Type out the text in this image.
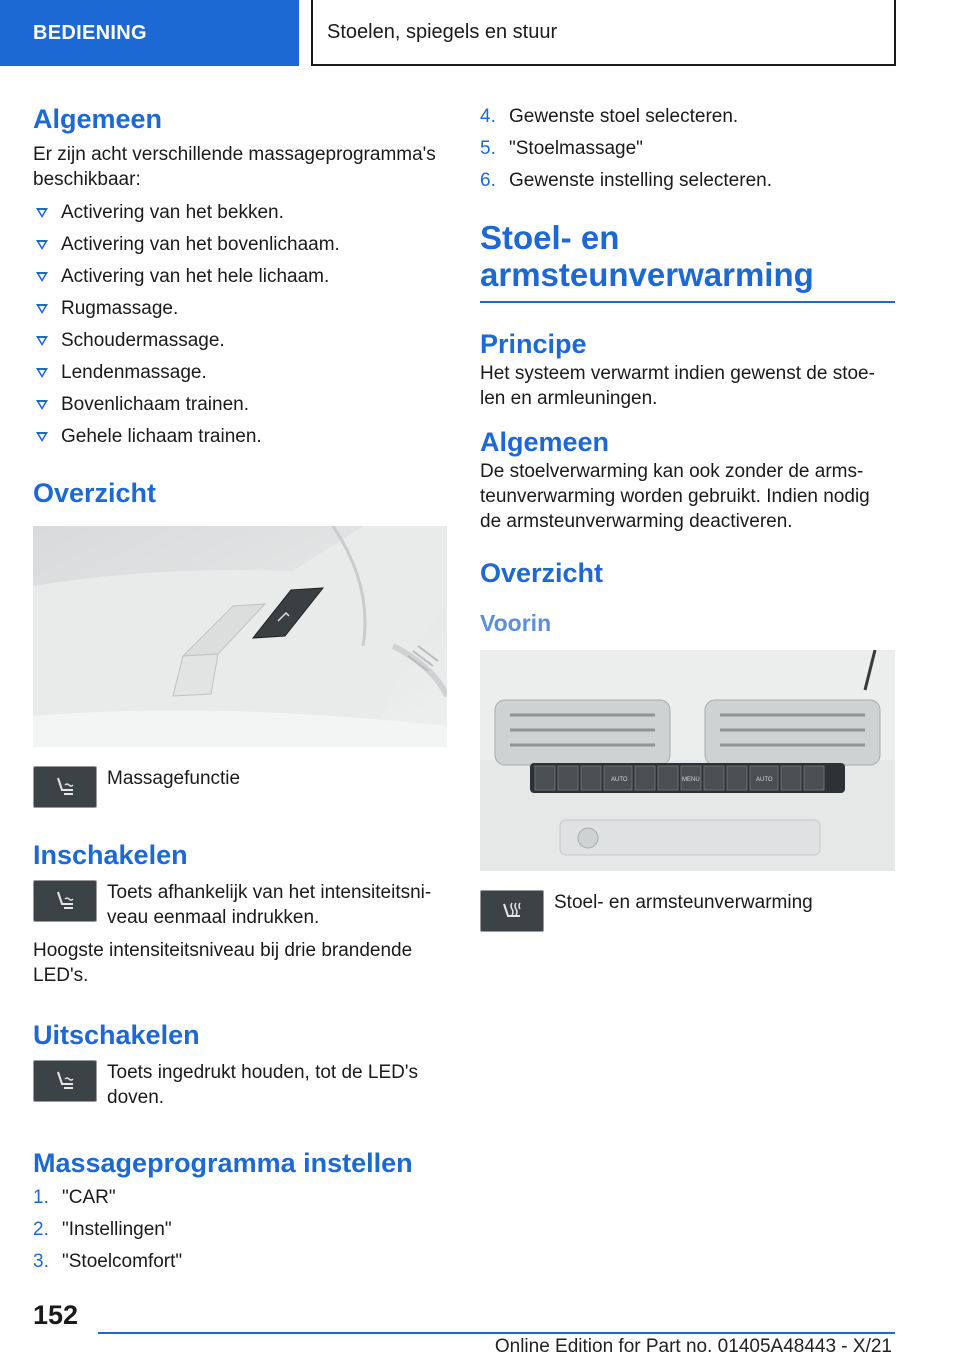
BEDIENING	Stoelen, spiegels en stuur
Algemeen

Er zijn acht verschillende massageprogramma's beschikbaar:

Activering van het bekken.
Activering van het bovenlichaam.
Activering van het hele lichaam.
Rugmassage.
Schoudermassage.
Lendenmassage.
Bovenlichaam trainen.
Gehele lichaam trainen.
Overzicht

Massagefunctie

Inschakelen

Toets afhankelijk van het intensiteitsni-veau eenmaal indrukken.

Hoogste intensiteitsniveau bij drie brandende LED's.

Uitschakelen

Toets ingedrukt houden, tot de LED's doven.

Massageprogramma instellen
1. "CAR"
2. "Instellingen"
3. "Stoelcomfort"
4. Gewenste stoel selecteren.
5. "Stoelmassage"
6. Gewenste instelling selecteren.
Stoel- en
armsteunverwarming
Principe

Het systeem verwarmt indien gewenst de stoe-len en armleuningen.

Algemeen

De stoelverwarming kan ook zonder de arms-teunverwarming worden gebruikt. Indien nodig de armsteunverwarming deactiveren.

Overzicht
Voorin
AUTO	MENU	AUTO

Stoel- en armsteunverwarming

152
Online Edition for Part no. 01405A48443 - X/21
